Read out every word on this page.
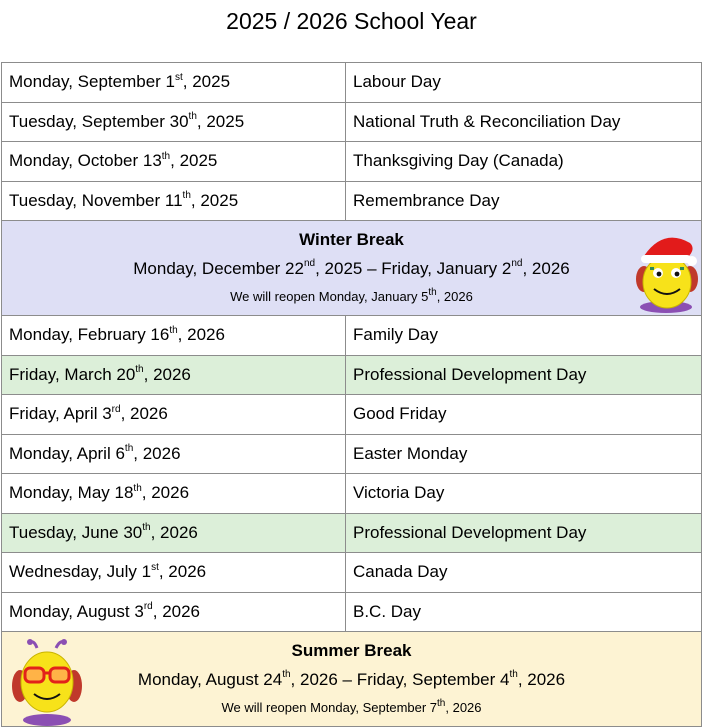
2025 / 2026 School Year
Monday, September 1st, 2025	Labour Day
Tuesday, September 30th, 2025	National Truth & Reconciliation Day
Monday, October 13th, 2025	Thanksgiving Day (Canada)
Tuesday, November 11th, 2025	Remembrance Day

Winter Break
Monday, December 22nd, 2025 – Friday, January 2nd, 2026
We will reopen Monday, January 5th, 2026	

Monday, February 16th, 2026	Family Day
Friday, March 20th, 2026	Professional Development Day
Friday, April 3rd, 2026	Good Friday
Monday, April 6th, 2026	Easter Monday
Monday, May 18th, 2026	Victoria Day
Tuesday, June 30th, 2026	Professional Development Day
Wednesday, July 1st, 2026	Canada Day
Monday, August 3rd, 2026	B.C. Day

Summer Break
Monday, August 24th, 2026 – Friday, September 4th, 2026
We will reopen Monday, September 7th, 2026	
